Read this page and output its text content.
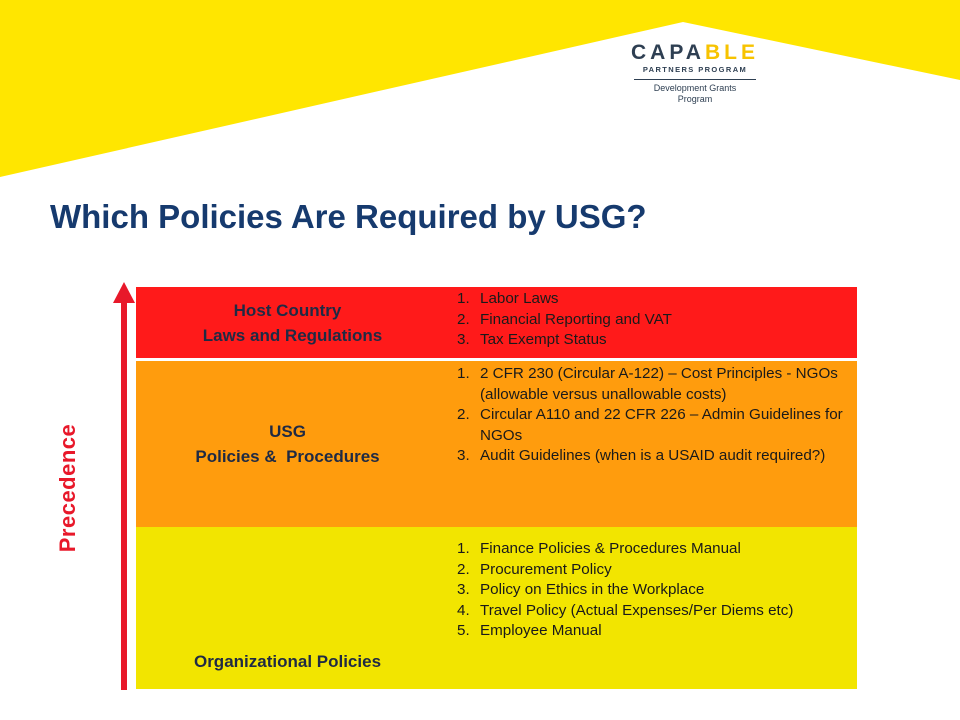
CAPABLE
PARTNERS PROGRAM
Development Grants
Program
Which Policies Are Required by USG?
Precedence
Host Country
Laws and Regulations
1. Labor Laws
2. Financial Reporting and VAT
3. Tax Exempt Status
USG
Policies &  Procedures
1. 2 CFR 230 (Circular A-122) – Cost Principles - NGOs (allowable versus unallowable costs)
2. Circular A110 and 22 CFR 226 – Admin Guidelines for NGOs
3. Audit Guidelines (when is a USAID audit required?)
Organizational Policies
1. Finance Policies & Procedures Manual
2. Procurement Policy
3. Policy on Ethics in the Workplace
4. Travel Policy (Actual Expenses/Per Diems etc)
5. Employee Manual
